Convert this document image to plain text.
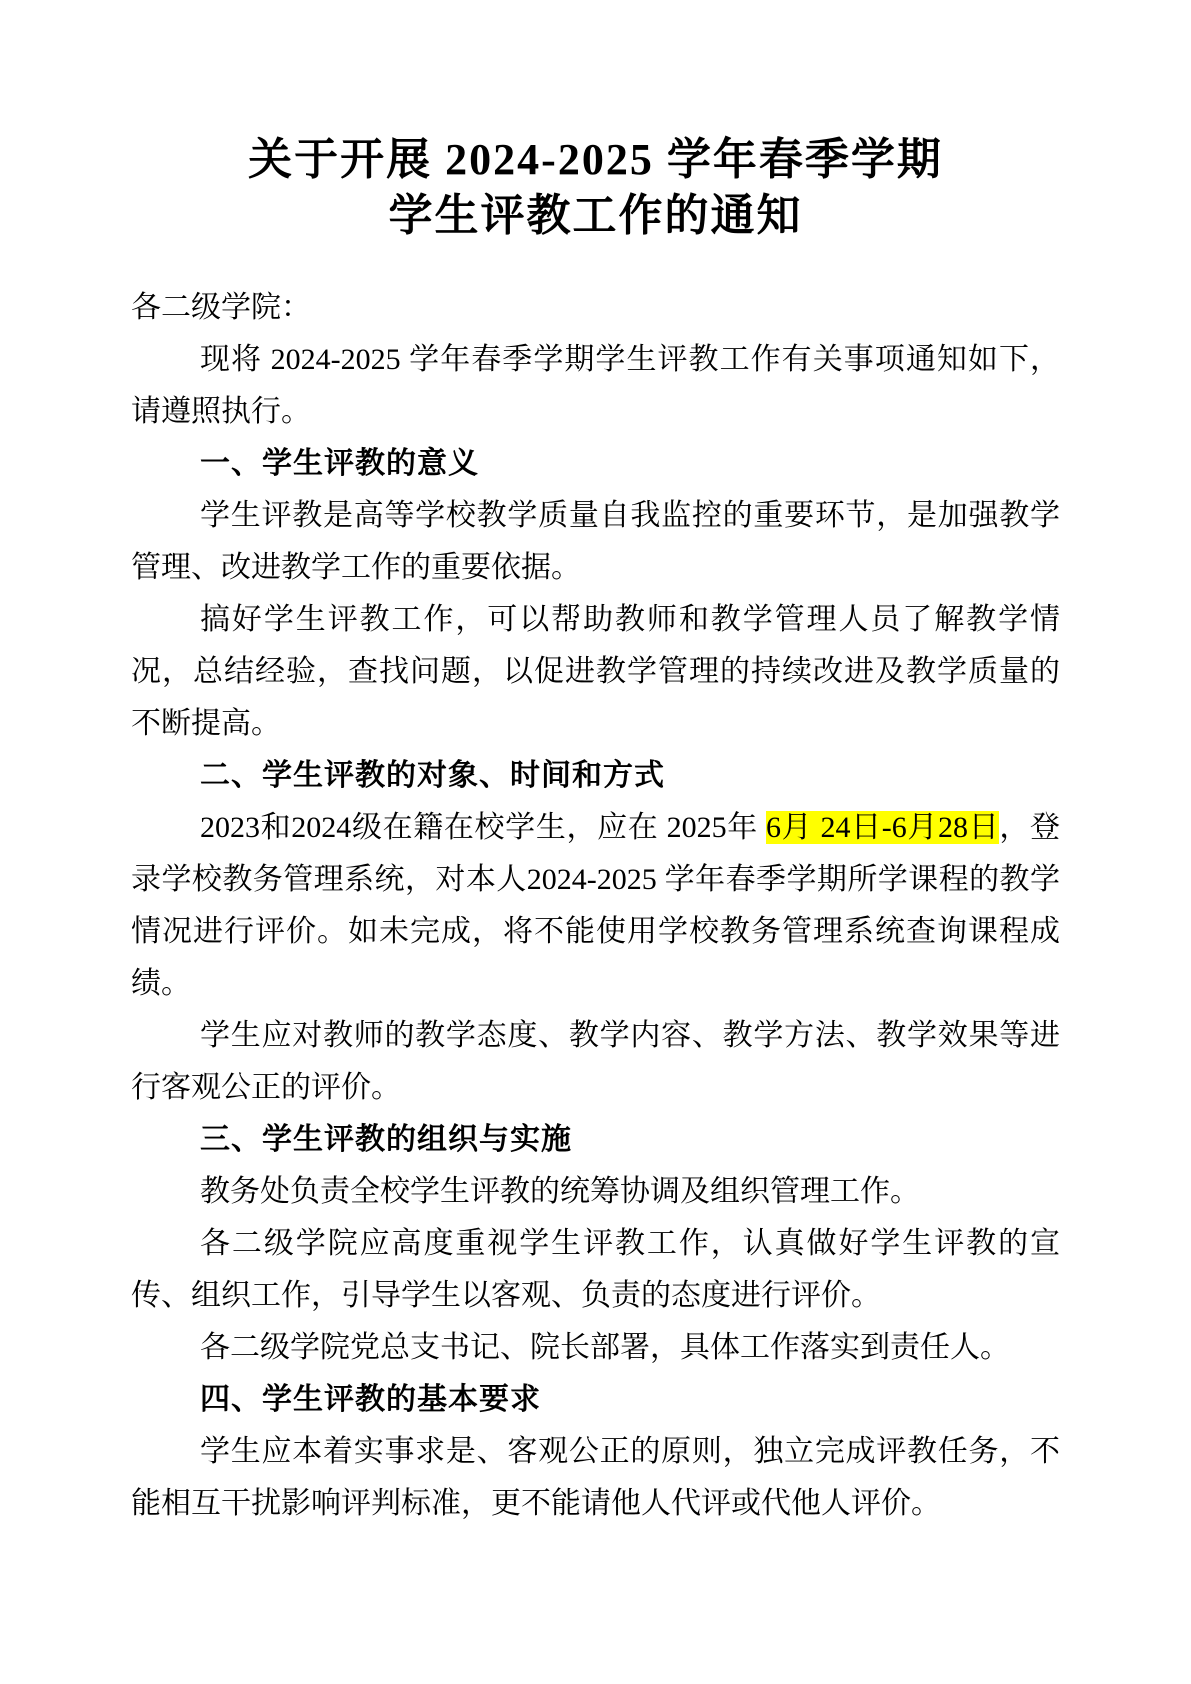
关于开展 2024-2025 学年春季学期
学生评教工作的通知

各二级学院：

现将 2024-2025 学年春季学期学生评教工作有关事项通知如下，请遵照执行。

一、学生评教的意义

学生评教是高等学校教学质量自我监控的重要环节，是加强教学管理、改进教学工作的重要依据。

搞好学生评教工作，可以帮助教师和教学管理人员了解教学情况，总结经验，查找问题，以促进教学管理的持续改进及教学质量的不断提高。

二、学生评教的对象、时间和方式

2023和2024级在籍在校学生，应在 2025年 6月 24日-6月28日，登录学校教务管理系统，对本人2024-2025 学年春季学期所学课程的教学情况进行评价。如未完成，将不能使用学校教务管理系统查询课程成绩。

学生应对教师的教学态度、教学内容、教学方法、教学效果等进行客观公正的评价。

三、学生评教的组织与实施

教务处负责全校学生评教的统筹协调及组织管理工作。

各二级学院应高度重视学生评教工作，认真做好学生评教的宣传、组织工作，引导学生以客观、负责的态度进行评价。

各二级学院党总支书记、院长部署，具体工作落实到责任人。

四、学生评教的基本要求

学生应本着实事求是、客观公正的原则，独立完成评教任务，不能相互干扰影响评判标准，更不能请他人代评或代他人评价。
